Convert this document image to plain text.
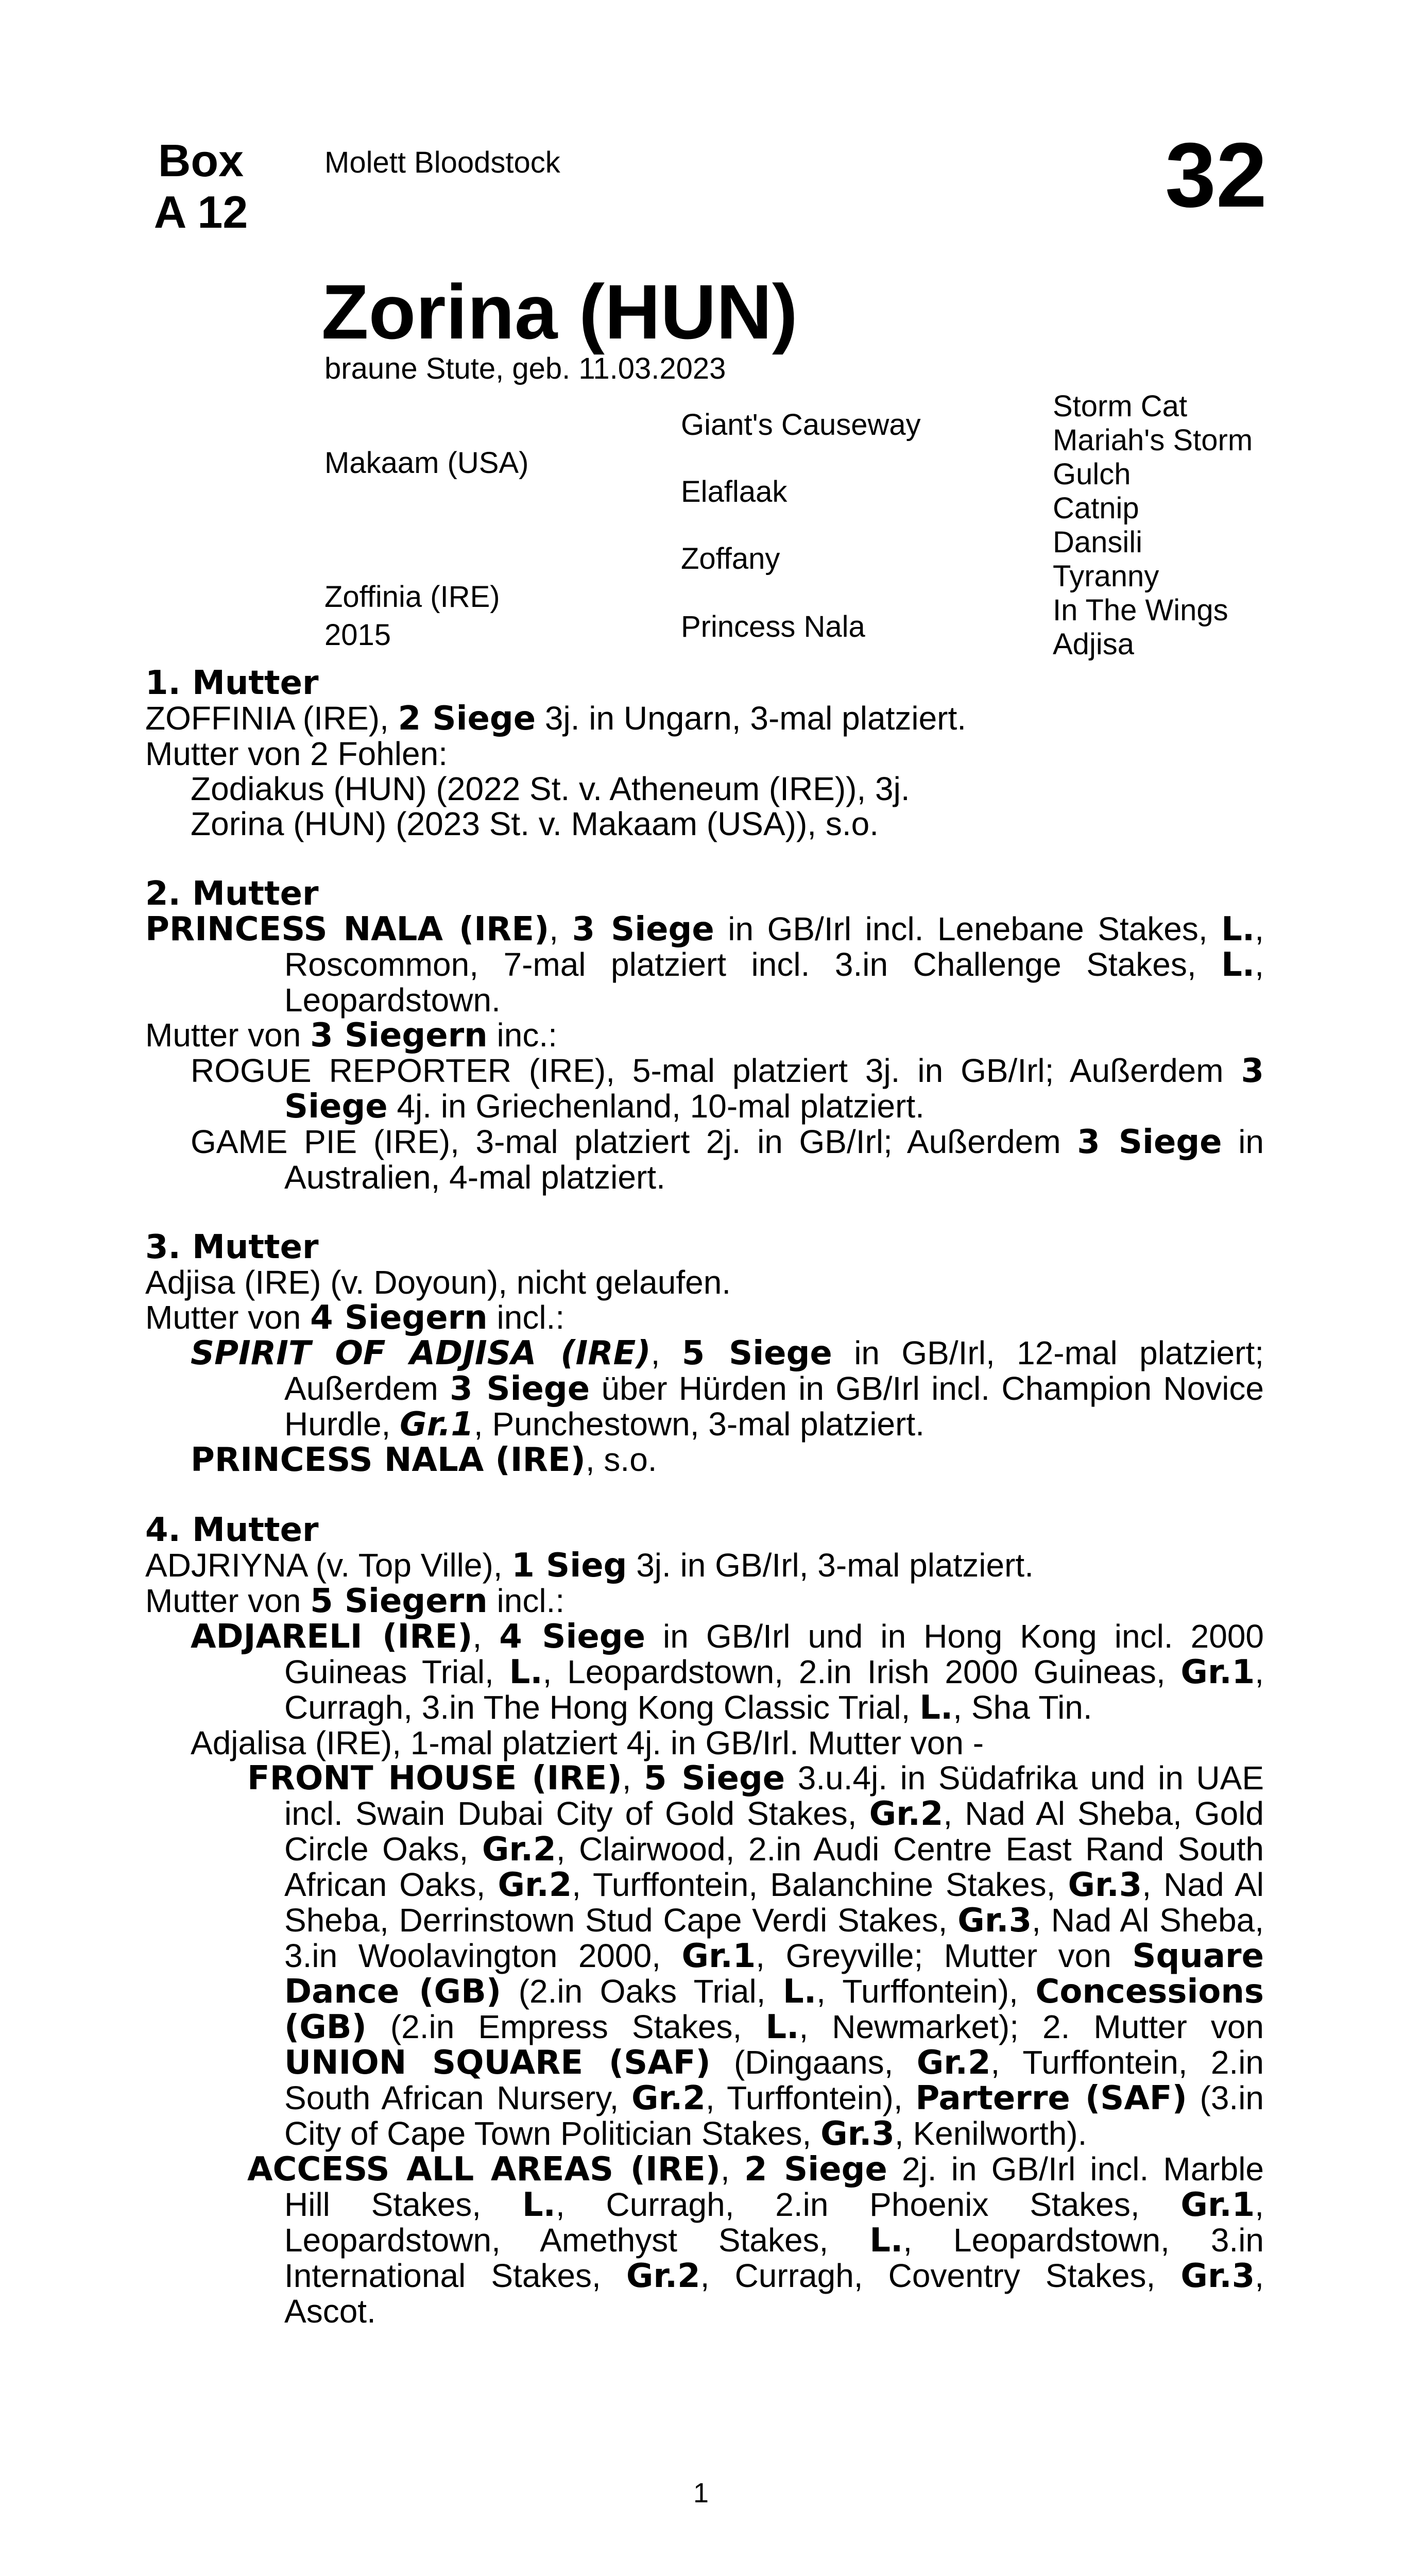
Box
A 12
Molett Bloodstock	32
Zorina (HUN)
braune Stute, geb. 11.03.2023
Makaam (USA)
Zoffinia (IRE)
2015
Giant's Causeway
Elaflaak
Zoffany
Princess Nala
Storm Cat
Mariah's Storm
Gulch
Catnip
Dansili
Tyranny
In The Wings
Adjisa

1. Mutter

ZOFFINIA (IRE), 2 Siege 3j. in Ungarn, 3-mal platziert.

Mutter von 2 Fohlen:

Zodiakus (HUN) (2022 St. v. Atheneum (IRE)), 3j.

Zorina (HUN) (2023 St. v. Makaam (USA)), s.o.

2. Mutter

PRINCESS NALA (IRE), 3 Siege in GB/Irl incl. Lenebane Stakes, L., Roscommon, 7-mal platziert incl. 3.in Challenge Stakes, L., Leopardstown.

Mutter von 3 Siegern inc.:

ROGUE REPORTER (IRE), 5-mal platziert 3j. in GB/Irl; Außerdem 3 Siege 4j. in Griechenland, 10-mal platziert.

GAME PIE (IRE), 3-mal platziert 2j. in GB/Irl; Außerdem 3 Siege in Australien, 4-mal platziert.

3. Mutter

Adjisa (IRE) (v. Doyoun), nicht gelaufen.

Mutter von 4 Siegern incl.:

SPIRIT OF ADJISA (IRE), 5 Siege in GB/Irl, 12-mal platziert; Außerdem 3 Siege über Hürden in GB/Irl incl. Champion Novice Hurdle, Gr.1, Punchestown, 3-mal platziert.

PRINCESS NALA (IRE), s.o.

4. Mutter

ADJRIYNA (v. Top Ville), 1 Sieg 3j. in GB/Irl, 3-mal platziert.

Mutter von 5 Siegern incl.:

ADJARELI (IRE), 4 Siege in GB/Irl und in Hong Kong incl. 2000 Guineas Trial, L., Leopardstown, 2.in Irish 2000 Guineas, Gr.1, Curragh, 3.in The Hong Kong Classic Trial, L., Sha Tin.

Adjalisa (IRE), 1-mal platziert 4j. in GB/Irl. Mutter von -

FRONT HOUSE (IRE), 5 Siege 3.u.4j. in Südafrika und in UAE incl. Swain Dubai City of Gold Stakes, Gr.2, Nad Al Sheba, Gold Circle Oaks, Gr.2, Clairwood, 2.in Audi Centre East Rand South African Oaks, Gr.2, Turffontein, Balanchine Stakes, Gr.3, Nad Al Sheba, Derrinstown Stud Cape Verdi Stakes, Gr.3, Nad Al Sheba, 3.in Woolavington 2000, Gr.1, Greyville; Mutter von Square Dance (GB) (2.in Oaks Trial, L., Turffontein), Concessions (GB) (2.in Empress Stakes, L., Newmarket); 2. Mutter von UNION SQUARE (SAF) (Dingaans, Gr.2, Turffontein, 2.in South African Nursery, Gr.2, Turffontein), Parterre (SAF) (3.in City of Cape Town Politician Stakes, Gr.3, Kenilworth).

ACCESS ALL AREAS (IRE), 2 Siege 2j. in GB/Irl incl. Marble Hill Stakes, L., Curragh, 2.in Phoenix Stakes, Gr.1, Leopardstown, Amethyst Stakes, L., Leopardstown, 3.in International Stakes, Gr.2, Curragh, Coventry Stakes, Gr.3, Ascot.

1
